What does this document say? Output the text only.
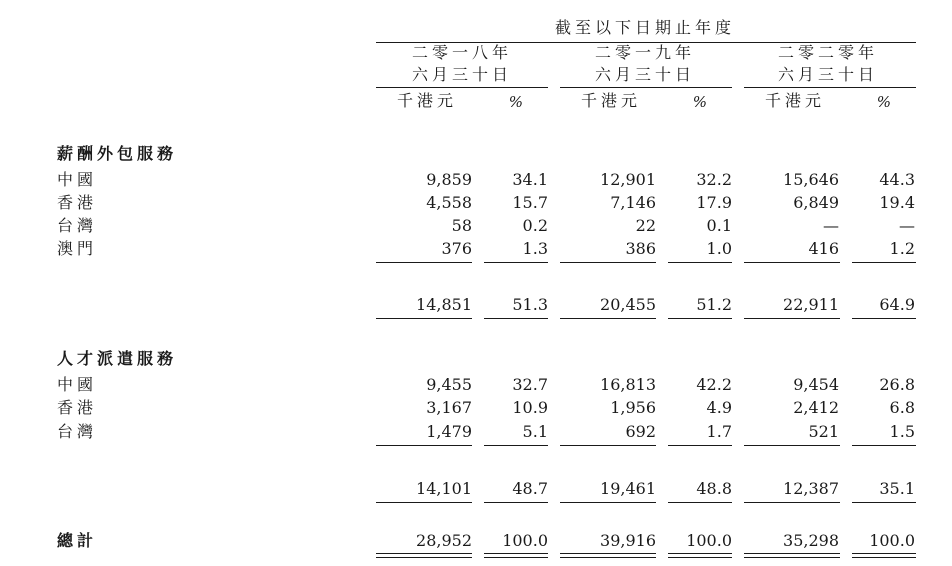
截至以下日期止年度
二零一八年
六月三十日
二零一九年
六月三十日
二零二零年
六月三十日
千港元	%	千港元	%	千港元	%
薪酬外包服務
中國	9,859	34.1	12,901	32.2	15,646	44.3
香港	4,558	15.7	7,146	17.9	6,849	19.4
台灣	58	0.2	22	0.1	—	—
澳門	376	1.3	386	1.0	416	1.2
14,851	51.3	20,455	51.2	22,911	64.9
人才派遣服務
中國	9,455	32.7	16,813	42.2	9,454	26.8
香港	3,167	10.9	1,956	4.9	2,412	6.8
台灣	1,479	5.1	692	1.7	521	1.5
14,101	48.7	19,461	48.8	12,387	35.1
總計	28,952	100.0	39,916	100.0	35,298	100.0
